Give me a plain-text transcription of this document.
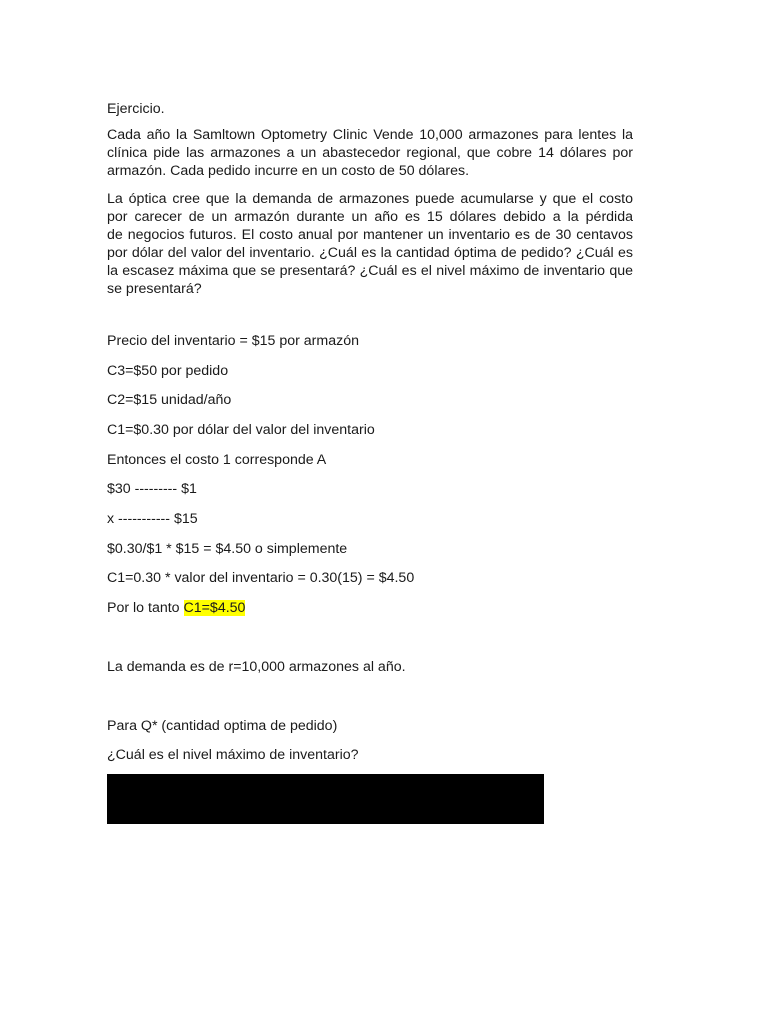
Ejercicio.
Cada año la Samltown Optometry Clinic Vende 10,000 armazones para lentes la
clínica pide las armazones a un abastecedor regional, que cobre 14 dólares por
armazón. Cada pedido incurre en un costo de 50 dólares.
La óptica cree que la demanda de armazones puede acumularse y que el costo
por carecer de un armazón durante un año es 15 dólares debido a la pérdida
de negocios futuros. El costo anual por mantener un inventario es de 30 centavos
por dólar del valor del inventario. ¿Cuál es la cantidad óptima de pedido? ¿Cuál es
la escasez máxima que se presentará? ¿Cuál es el nivel máximo de inventario que
se presentará?
Precio del inventario = $15 por armazón
C3=$50 por pedido
C2=$15 unidad/año
C1=$0.30 por dólar del valor del inventario
Entonces el costo 1 corresponde A
$30 --------- $1
x ----------- $15
$0.30/$1 * $15 = $4.50 o simplemente
C1=0.30 * valor del inventario = 0.30(15) = $4.50
Por lo tanto C1=$4.50
La demanda es de r=10,000 armazones al año.
Para Q* (cantidad optima de pedido)
¿Cuál es el nivel máximo de inventario?
